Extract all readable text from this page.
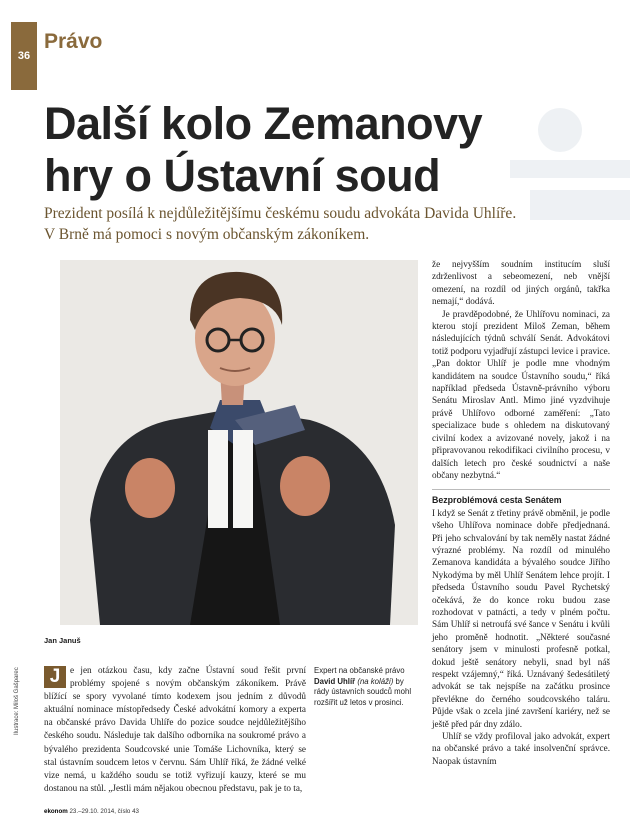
36
Právo
Další kolo Zemanovy
hry o Ústavní soud

Prezident posílá k nejdůležitějšímu českému soudu advokáta Davida Uhlíře.
V Brně má pomoci s novým občanským zákoníkem.

Jan Januš
Ilustrace: Miloš Gašparec	J	e jen otázkou času, kdy začne Ústavní soud řešit první problémy spojené s novým občanským zákoníkem. Právě blížící se spory vyvolané tímto kodexem jsou jedním z důvodů aktuální nominace místopředsedy České advokátní komory a experta na občanské právo Davida Uhlíře do pozice soudce nejdůležitějšího českého soudu. Následuje tak dalšího odborníka na soukromé právo a bývalého prezidenta Soudcovské unie Tomáše Lichovníka, který se stal ústavním soudcem letos v červnu. Sám Uhlíř říká, že žádné velké vize nemá, u každého soudu se totiž vyřizují kauzy, které se mu dostanou na stůl. „Jestli mám nějakou obecnou představu, pak je to ta,

Expert na občanské právo David Uhlíř (na koláži) by rády ústavních soudců mohl rozšířit už letos v prosinci.

že nejvyšším soudním institucím sluší zdrženlivost a sebeomezení, neb vnější omezení, na rozdíl od jiných orgánů, takřka nemají,“ dodává.

Je pravděpodobné, že Uhlířovu nominaci, za kterou stojí prezident Miloš Zeman, během následujících týdnů schválí Senát. Advokátovi totiž podporu vyjadřují zástupci levice i pravice. „Pan doktor Uhlíř je podle mne vhodným kandidátem na soudce Ústavního soudu,“ říká například předseda Ústavně-právního výboru Senátu Miroslav Antl. Mimo jiné vyzdvihuje právě Uhlířovo odborné zaměření: „Tato specializace bude s ohledem na diskutovaný civilní kodex a avizované novely, jakož i na připravovanou rekodifikaci civilního procesu, v dalších letech pro české soudnictví a naše občany nezbytná.“

Bezproblémová cesta Senátem

I když se Senát z třetiny právě obměnil, je podle všeho Uhlířova nominace dobře předjednaná. Při jeho schvalování by tak neměly nastat žádné výrazné problémy. Na rozdíl od minulého Zemanova kandidáta a bývalého soudce Jiřího Nykodýma by měl Uhlíř Senátem lehce projít. I předseda Ústavního soudu Pavel Rychetský očekává, že do konce roku budou zase rozhodovat v patnácti, a tedy v plném počtu. Sám Uhlíř si netroufá své šance v Senátu i kvůli jeho proměně hodnotit. „Některé současné senátory jsem v minulosti profesně potkal, dokud ještě senátory nebyli, snad byl náš respekt vzájemný,“ říká. Uznávaný šedesátiletý advokát se tak nejspíše na začátku prosince převlékne do černého soudcovského taláru. Půjde však o zcela jiné završení kariéry, než se ještě před pár dny zdálo.

Uhlíř se vždy profiloval jako advokát, expert na občanské právo a také insolvenční správce. Naopak ústavním

ekonom 23.–29.10. 2014, číslo 43
